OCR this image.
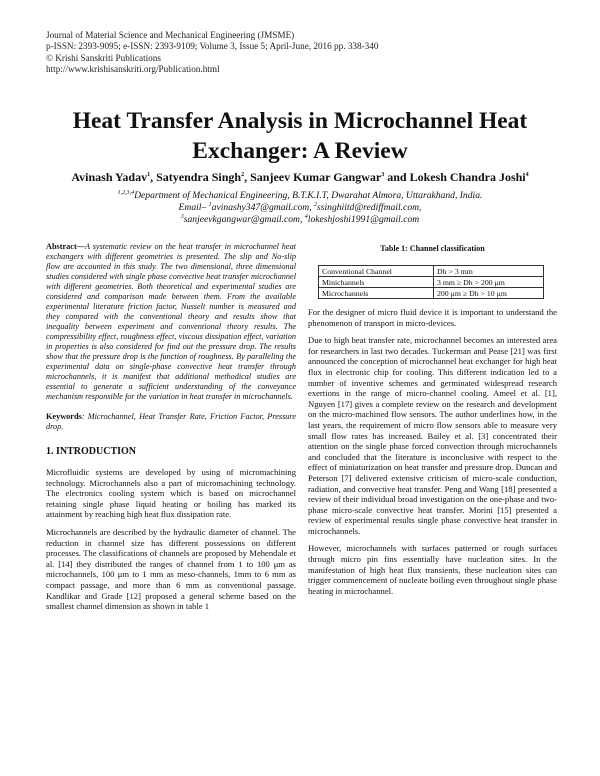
Journal of Material Science and Mechanical Engineering (JMSME)
p-ISSN: 2393-9095; e-ISSN: 2393-9109; Volume 3, Issue 5; April-June, 2016 pp. 338-340
© Krishi Sanskriti Publications
http://www.krishisanskriti.org/Publication.html
Heat Transfer Analysis in Microchannel Heat Exchanger: A Review
Avinash Yadav$^1$, Satyendra Singh$^2$, Sanjeev Kumar Gangwar$^3$ and Lokesh Chandra Joshi$^4$
$^{1,2,3,4}$Department of Mechanical Engineering, B.T.K.I.T, Dwarahat Almora, Uttarakhand, India.
Email– $^1$avinashy347@gmail.com, $^2$ssinghiitd@rediffmail.com,
$^3$sanjeevkgangwar@gmail.com, $^4$lokeshjoshi1991@gmail.com

Abstract—A systematic review on the heat transfer in microchannel heat exchangers with different geometries is presented. The slip and No-slip flow are accounted in this study. The two dimensional, three dimensional studies considered with single phase convective heat transfer microchannel with different geometries. Both theoretical and experimental studies are considered and comparison made between them. From the available experimental literature friction factor, Nusselt number is measured and they compared with the conventional theory and results show that inequality between experiment and conventional theory results. The compressibility effect, roughness effect, viscous dissipation effect, variation in properties is also considered for find out the pressure drop. The results show that the pressure drop is the function of roughness. By paralleling the experimental data on single-phase convective heat transfer through microchannels, it is manifest that additional methodical studies are essential to generate a sufficient understanding of the conveyance mechanism responsible for the variation in heat transfer in microchannels.

Keywords: Microchannel, Heat Transfer Rate, Friction Factor, Pressure drop.

1. INTRODUCTION

Microfluidic systems are developed by using of micromachining technology. Microchannels also a part of micromachining technology. The electronics cooling system which is based on microchannel retaining single phase liquid heating or boiling has marked its attainment by reaching high heat flux dissipation rate.

Microchannels are described by the hydraulic diameter of channel. The reduction in channel size has different possessions on different processes. The classifications of channels are proposed by Mehendale et al. [14] they distributed the ranges of channel from 1 to 100 μm as microchannels, 100 μm to 1 mm as meso-channels, 1mm to 6 mm as compact passage, and more than 6 mm as conventional passage. Kandlikar and Grade [12] proposed a general scheme based on the smallest channel dimension as shown in table 1

Table 1: Channel classification
Conventional Channel	Dh > 3 mm
Minichannels	3 mm ≥ Dh > 200 μm
Microchannels	200 μm ≥ Dh > 10 μm

For the designer of micro fluid device it is important to understand the phenomenon of transport in micro-devices.

Due to high heat transfer rate, microchannel becomes an interested area for researchers in last two decades. Tuckerman and Pease [21] was first announced the conception of microchannel heat exchanger for high heat flux in electronic chip for cooling. This different indication led to a number of inventive schemes and germinated widespread research exertions in the range of micro-channel cooling. Ameel et al. [1], Nguyen [17] gives a complete review on the research and development on the micro-machined flow sensors. The author underlines how, in the last years, the requirement of micro flow sensors able to measure very small flow rates has increased. Bailey et al. [3] concentrated their attention on the single phase forced convection through microchannels and concluded that the literature is inconclusive with respect to the effect of miniaturization on heat transfer and pressure drop. Duncan and Peterson [7] delivered extensive criticism of micro-scale conduction, radiation, and convective heat transfer. Peng and Wang [18] presented a review of their individual broad investigation on the one-phase and two-phase micro-scale convective heat transfer. Morini [15] presented a review of experimental results single phase convective heat transfer in microchannels.

However, microchannels with surfaces patterned or rough surfaces through micro pin fins essentially have nucleation sites. In the manifestation of high heat flux transients, these nucleation sites can trigger commencement of nucleate boiling even throughout single phase heating in microchannel.
